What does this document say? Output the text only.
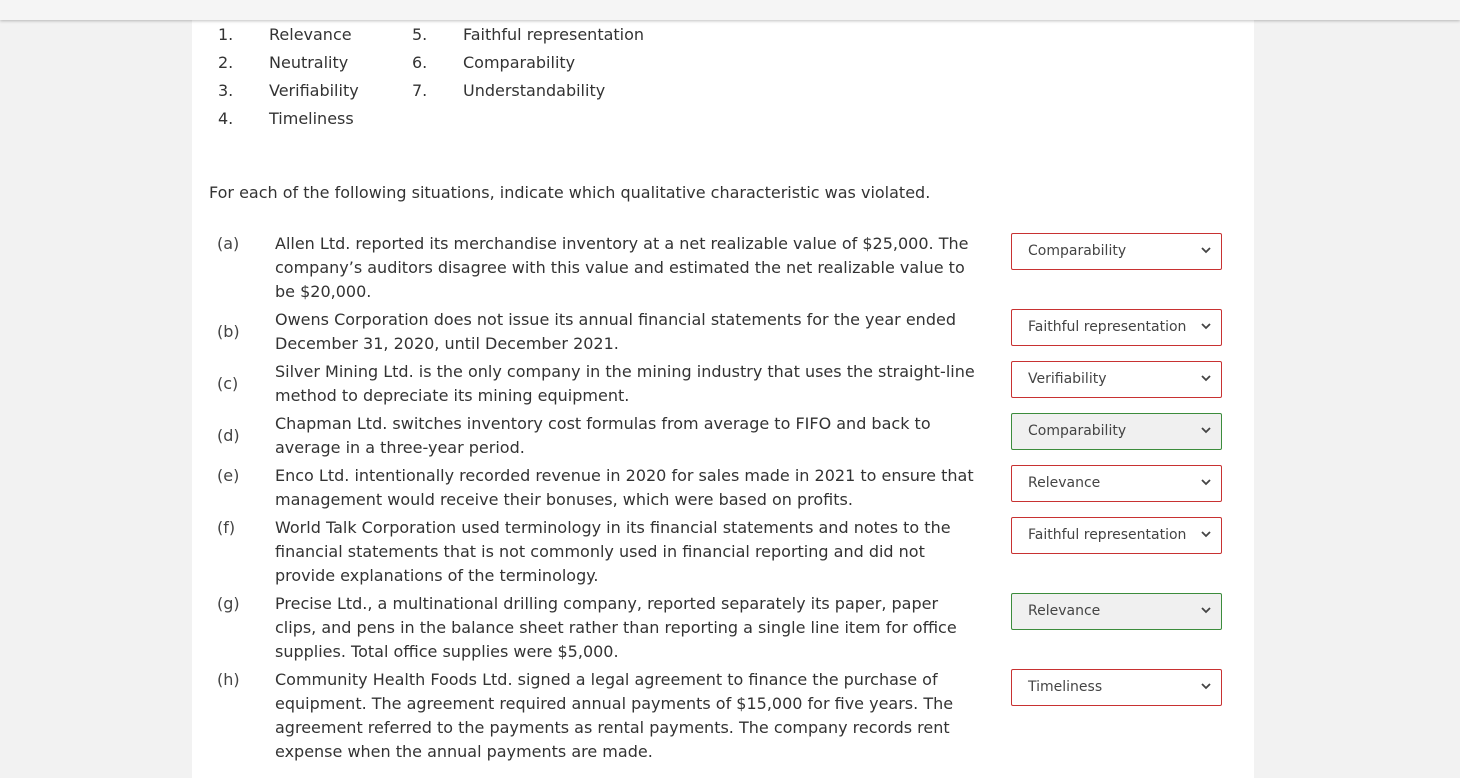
1. Relevance
2. Neutrality
3. Verifiability
4. Timeliness
5. Faithful representation
6. Comparability
7. Understandability
For each of the following situations, indicate which qualitative characteristic was violated.
(a) Allen Ltd. reported its merchandise inventory at a net realizable value of $25,000. The company’s auditors disagree with this value and estimated the net realizable value to be $20,000.
Comparability
(b)
Owens Corporation does not issue its annual financial statements for the year ended December 31, 2020, until December 2021.
Faithful representation
(c)
Silver Mining Ltd. is the only company in the mining industry that uses the straight-line method to depreciate its mining equipment.
Verifiability
(d)
Chapman Ltd. switches inventory cost formulas from average to FIFO and back to average in a three-year period.
Comparability
(e) Enco Ltd. intentionally recorded revenue in 2020 for sales made in 2021 to ensure that management would receive their bonuses, which were based on profits.
Relevance
(f) World Talk Corporation used terminology in its financial statements and notes to the financial statements that is not commonly used in financial reporting and did not provide explanations of the terminology.
Faithful representation
(g) Precise Ltd., a multinational drilling company, reported separately its paper, paper clips, and pens in the balance sheet rather than reporting a single line item for office supplies. Total office supplies were $5,000.
Relevance
(h) Community Health Foods Ltd. signed a legal agreement to finance the purchase of equipment. The agreement required annual payments of $15,000 for five years. The agreement referred to the payments as rental payments. The company records rent expense when the annual payments are made.
Timeliness
